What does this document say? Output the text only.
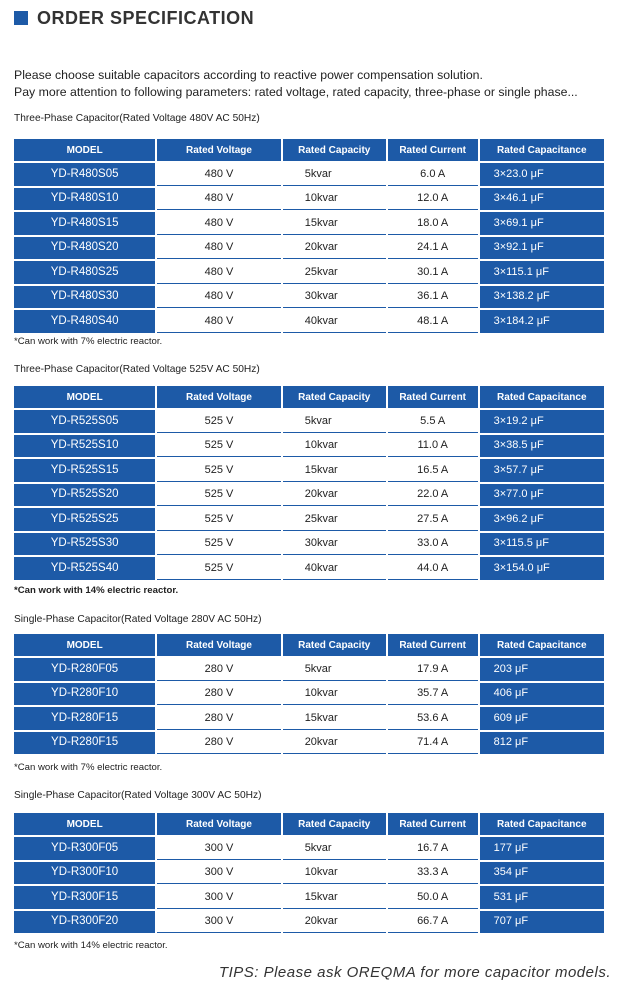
ORDER SPECIFICATION
Please choose suitable capacitors according to reactive power compensation solution.
Pay more attention to following parameters: rated voltage, rated capacity, three-phase or single phase...
Three-Phase Capacitor(Rated Voltage 480V AC 50Hz)
MODEL	Rated Voltage	Rated Capacity	Rated Current	Rated Capacitance
YD-R480S05	480 V	5kvar	6.0 A	3×23.0 μF
YD-R480S10	480 V	10kvar	12.0 A	3×46.1 μF
YD-R480S15	480 V	15kvar	18.0 A	3×69.1 μF
YD-R480S20	480 V	20kvar	24.1 A	3×92.1 μF
YD-R480S25	480 V	25kvar	30.1 A	3×115.1 μF
YD-R480S30	480 V	30kvar	36.1 A	3×138.2 μF
YD-R480S40	480 V	40kvar	48.1 A	3×184.2 μF
*Can work with 7% electric reactor.
Three-Phase Capacitor(Rated Voltage 525V AC 50Hz)
MODEL	Rated Voltage	Rated Capacity	Rated Current	Rated Capacitance
YD-R525S05	525 V	5kvar	5.5 A	3×19.2 μF
YD-R525S10	525 V	10kvar	11.0 A	3×38.5 μF
YD-R525S15	525 V	15kvar	16.5 A	3×57.7 μF
YD-R525S20	525 V	20kvar	22.0 A	3×77.0 μF
YD-R525S25	525 V	25kvar	27.5 A	3×96.2 μF
YD-R525S30	525 V	30kvar	33.0 A	3×115.5 μF
YD-R525S40	525 V	40kvar	44.0 A	3×154.0 μF
*Can work with 14% electric reactor.
Single-Phase Capacitor(Rated Voltage 280V AC 50Hz)
MODEL	Rated Voltage	Rated Capacity	Rated Current	Rated Capacitance
YD-R280F05	280 V	5kvar	17.9 A	203 μF
YD-R280F10	280 V	10kvar	35.7 A	406 μF
YD-R280F15	280 V	15kvar	53.6 A	609 μF
YD-R280F15	280 V	20kvar	71.4 A	812 μF
*Can work with 7% electric reactor.
Single-Phase Capacitor(Rated Voltage 300V AC 50Hz)
MODEL	Rated Voltage	Rated Capacity	Rated Current	Rated Capacitance
YD-R300F05	300 V	5kvar	16.7 A	177 μF
YD-R300F10	300 V	10kvar	33.3 A	354 μF
YD-R300F15	300 V	15kvar	50.0 A	531 μF
YD-R300F20	300 V	20kvar	66.7 A	707 μF
*Can work with 14% electric reactor.
TIPS: Please ask OREQMA for more capacitor models.
